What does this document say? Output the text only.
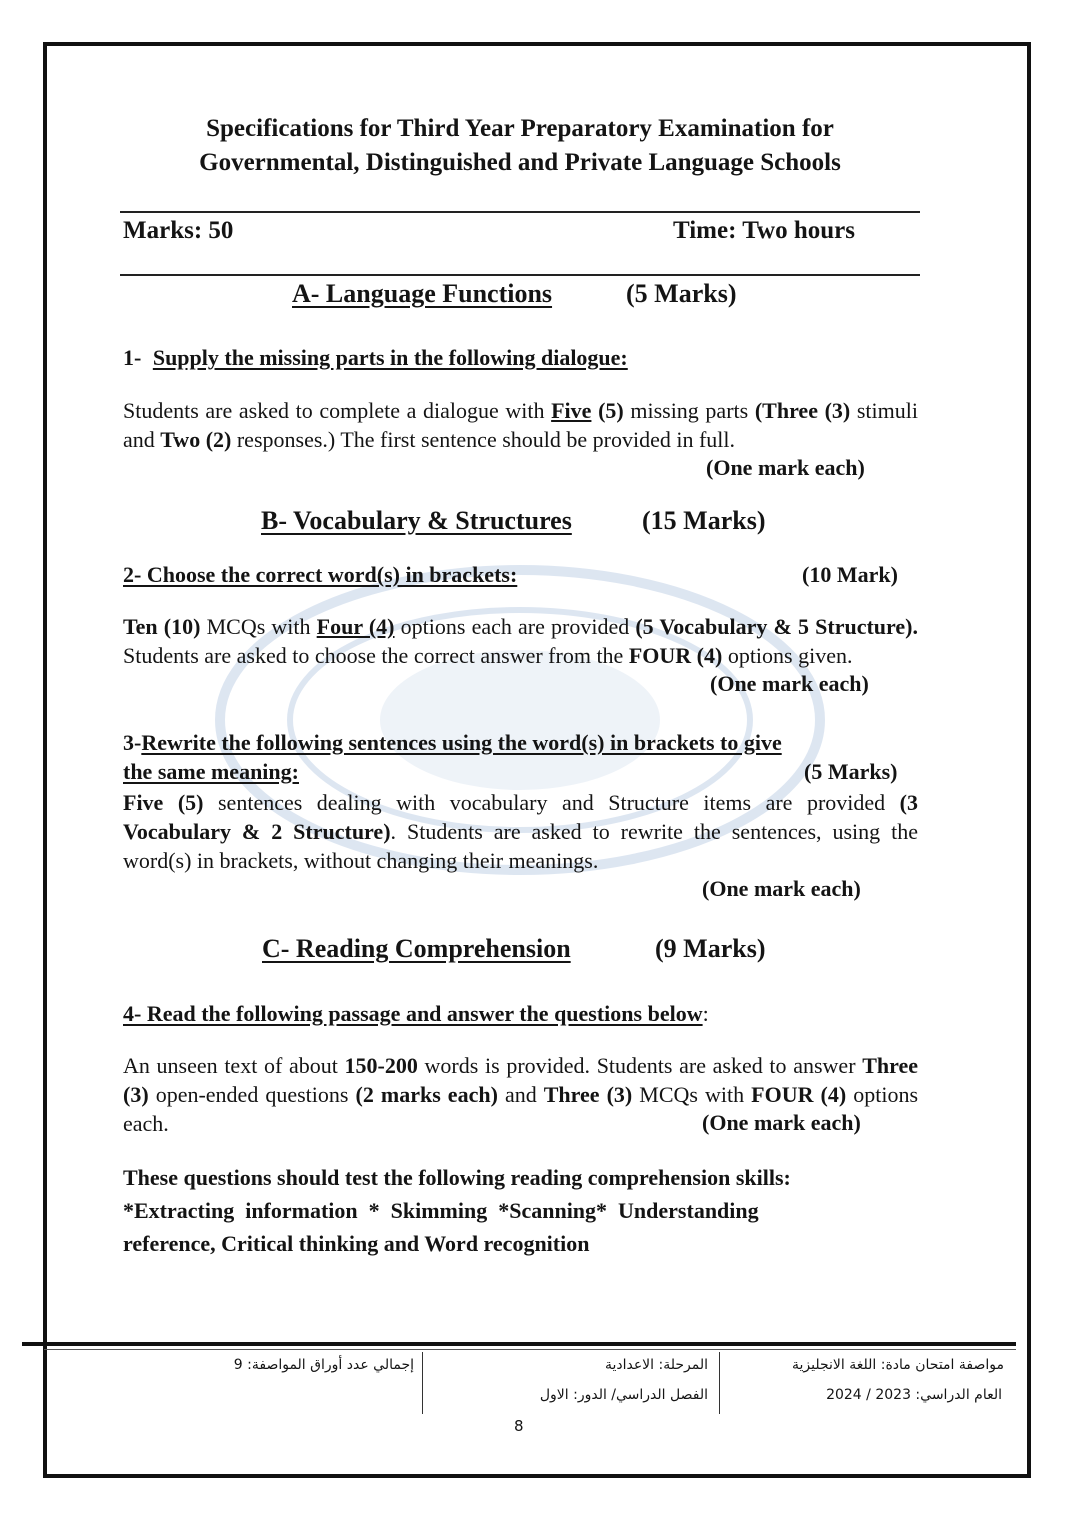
Specifications for Third Year Preparatory Examination for
Governmental, Distinguished and Private Language Schools
Marks: 50	Time: Two hours
A- Language Functions	(5 Marks)
1- Supply the missing parts in the following dialogue:
Students are asked to complete a dialogue with Five (5) missing parts (Three (3) stimuli and Two (2) responses.) The first sentence should be provided in full.
(One mark each)
B- Vocabulary & Structures	(15 Marks)
2- Choose the correct word(s) in brackets:	(10 Mark)
Ten (10) MCQs with Four (4) options each are provided (5 Vocabulary & 5 Structure). Students are asked to choose the correct answer from the FOUR (4) options given.
(One mark each)
3-Rewrite the following sentences using the word(s) in brackets to give
the same meaning:	(5 Marks)
Five (5) sentences dealing with vocabulary and Structure items are provided (3 Vocabulary & 2 Structure). Students are asked to rewrite the sentences, using the word(s) in brackets, without changing their meanings.
(One mark each)
C- Reading Comprehension	(9 Marks)
4- Read the following passage and answer the questions below:
An unseen text of about 150-200 words is provided. Students are asked to answer Three (3) open-ended questions (2 marks each) and Three (3) MCQs with FOUR (4) options each.	(One mark each)
These questions should test the following reading comprehension skills:
*Extracting  information  *  Skimming  *Scanning*  Understanding
reference, Critical thinking and Word recognition
مواصفة امتحان مادة: اللغة الانجليزية
العام الدراسي: 2023 / 2024
المرحلة: الاعدادية
الفصل الدراسي/ الدور: الاول
إجمالي عدد أوراق المواصفة: 9
8
